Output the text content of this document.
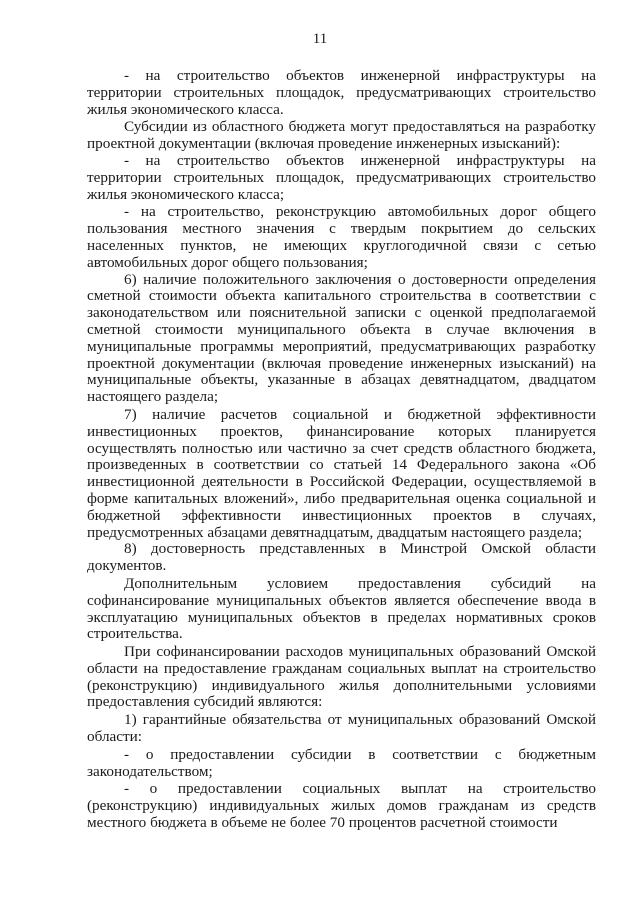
11

- на строительство объектов инженерной инфраструктуры на территории строительных площадок, предусматривающих строительство жилья экономического класса.

Субсидии из областного бюджета могут предоставляться на разработку проектной документации (включая проведение инженерных изысканий):

- на строительство объектов инженерной инфраструктуры на территории строительных площадок, предусматривающих строительство жилья экономического класса;

- на строительство, реконструкцию автомобильных дорог общего пользования местного значения с твердым покрытием до сельских населенных пунктов, не имеющих круглогодичной связи с сетью автомобильных дорог общего пользования;

6) наличие положительного заключения о достоверности определения сметной стоимости объекта капитального строительства в соответствии с законодательством или пояснительной записки с оценкой предполагаемой сметной стоимости муниципального объекта в случае включения в муниципальные программы мероприятий, предусматривающих разработку проектной документации (включая проведение инженерных изысканий) на муниципальные объекты, указанные в абзацах девятнадцатом, двадцатом настоящего раздела;

7) наличие расчетов социальной и бюджетной эффективности инвестиционных проектов, финансирование которых планируется осуществлять полностью или частично за счет средств областного бюджета, произведенных в соответствии со статьей 14 Федерального закона «Об инвестиционной деятельности в Российской Федерации, осуществляемой в форме капитальных вложений», либо предварительная оценка социальной и бюджетной эффективности инвестиционных проектов в случаях, предусмотренных абзацами девятнадцатым, двадцатым настоящего раздела;

8) достоверность представленных в Минстрой Омской области документов.

Дополнительным условием предоставления субсидий на софинансирование муниципальных объектов является обеспечение ввода в эксплуатацию муниципальных объектов в пределах нормативных сроков строительства.

При софинансировании расходов муниципальных образований Омской области на предоставление гражданам социальных выплат на строительство (реконструкцию) индивидуального жилья дополнительными условиями предоставления субсидий являются:

1) гарантийные обязательства от муниципальных образований Омской области:

- о предоставлении субсидии в соответствии с бюджетным законодательством;

- о предоставлении социальных выплат на строительство (реконструкцию) индивидуальных жилых домов гражданам из средств местного бюджета в объеме не более 70 процентов расчетной стоимости
